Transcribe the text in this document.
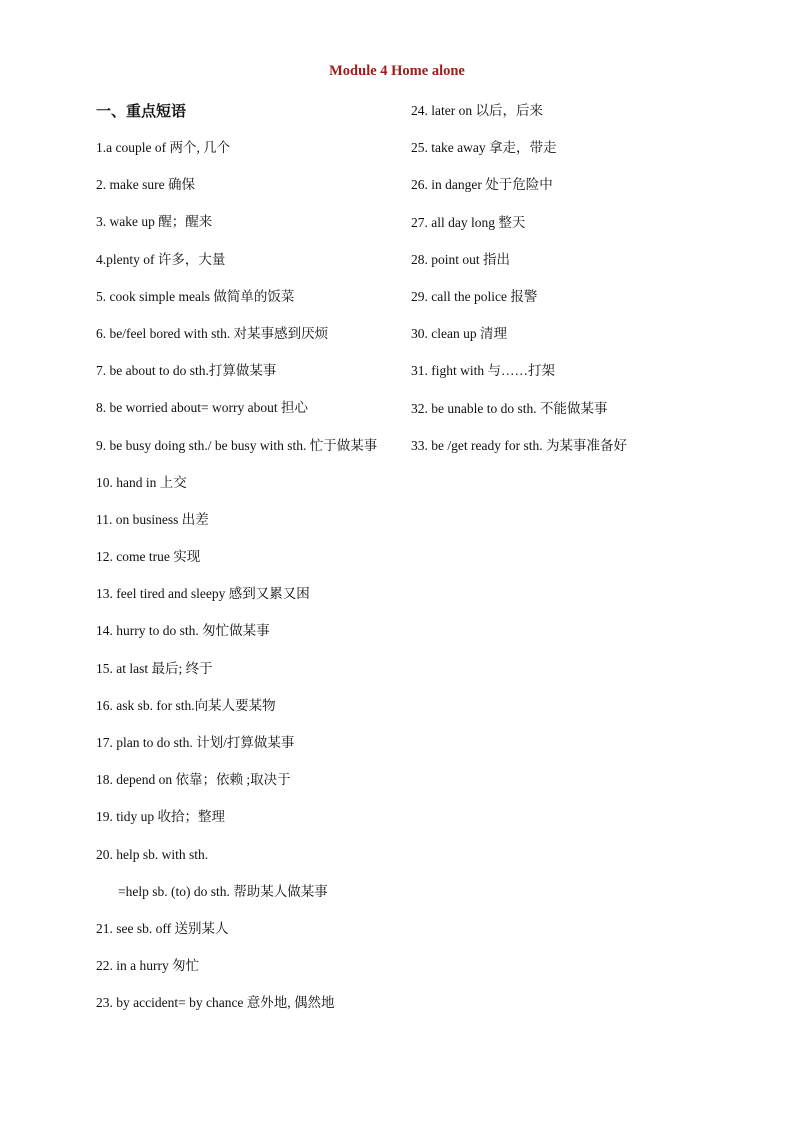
Module 4 Home alone
一、重点短语
1.a couple of 两个, 几个
2. make sure 确保
3. wake up 醒；醒来
4.plenty of 许多，大量
5. cook simple meals 做简单的饭菜
6. be/feel bored with sth. 对某事感到厌烦
7. be about to do sth.打算做某事
8. be worried about= worry about 担心
9. be busy doing sth./ be busy with sth. 忙于做某事
10. hand in 上交
11. on business 出差
12. come true 实现
13. feel tired and sleepy 感到又累又困
14. hurry to do sth. 匆忙做某事
15. at last 最后; 终于
16. ask sb. for sth.向某人要某物
17. plan to do sth. 计划/打算做某事
18. depend on 依靠；依赖 ;取决于
19. tidy up 收拾；整理
20. help sb. with sth.
=help sb. (to) do sth. 帮助某人做某事
21. see sb. off 送别某人
22. in a hurry 匆忙
23. by accident= by chance 意外地, 偶然地
24. later on 以后，后来
25. take away 拿走，带走
26. in danger 处于危险中
27. all day long 整天
28. point out 指出
29. call the police 报警
30. clean up 清理
31. fight with 与……打架
32. be unable to do sth. 不能做某事
33. be /get ready for sth. 为某事准备好
